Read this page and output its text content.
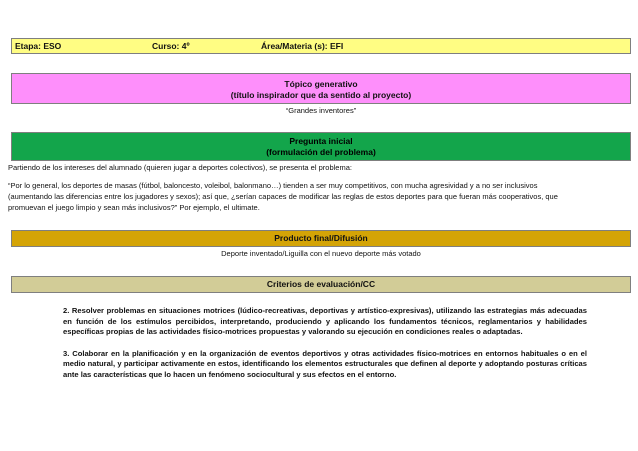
Etapa: ESO	Curso: 4º	Área/Materia (s): EFI
Tópico generativo
(título inspirador que da sentido al proyecto)
“Grandes inventores”
Pregunta inicial
(formulación del problema)
Partiendo de los intereses del alumnado (quieren jugar a deportes colectivos), se presenta el problema:
“Por lo general, los deportes de masas (fútbol, baloncesto, voleibol, balonmano…) tienden a ser muy competitivos, con mucha agresividad y a no ser inclusivos
(aumentando las diferencias entre los jugadores y sexos); así que, ¿serían capaces de modificar las reglas de estos deportes para que fueran más cooperativos, que
promuevan el juego limpio y sean más inclusivos?” Por ejemplo, el ultimate.
Producto final/Difusión
Deporte inventado/Liguilla con el nuevo deporte más votado
Criterios de evaluación/CC
2. Resolver problemas en situaciones motrices (lúdico-recreativas, deportivas y artístico-expresivas), utilizando las estrategias más adecuadas en función de los estímulos percibidos, interpretando, produciendo y aplicando los fundamentos técnicos, reglamentarios y habilidades específicas propias de las actividades físico-motrices propuestas y valorando su ejecución en condiciones reales o adaptadas.
3. Colaborar en la planificación y en la organización de eventos deportivos y otras actividades físico-motrices en entornos habituales o en el medio natural, y participar activamente en estos, identificando los elementos estructurales que definen al deporte y adoptando posturas críticas ante las características que lo hacen un fenómeno sociocultural y sus efectos en el entorno.
